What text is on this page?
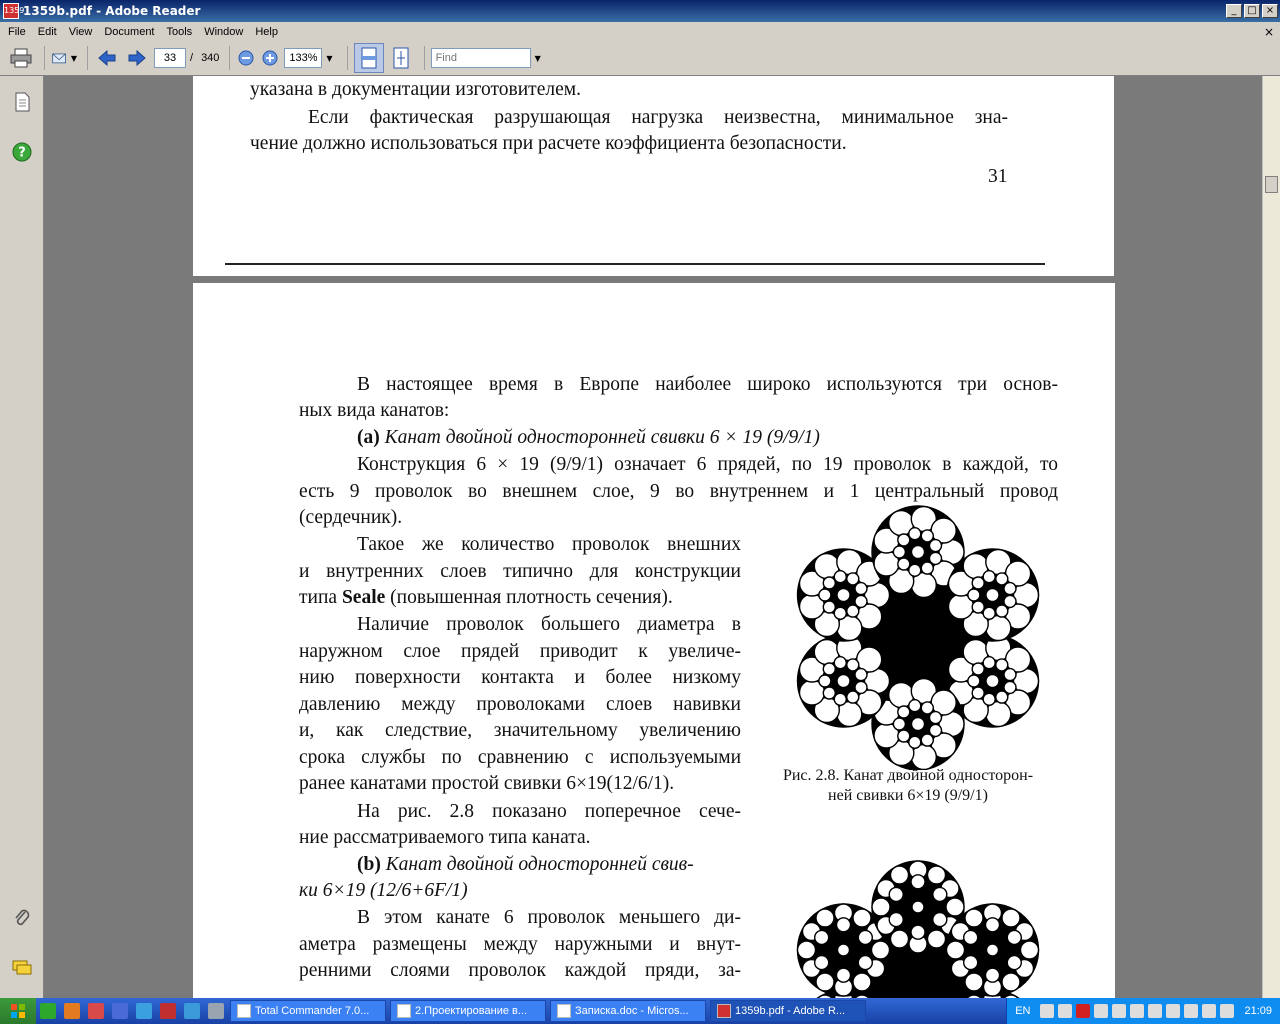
1359
1359b.pdf - Adobe Reader	_	□ ×
File	Edit	View	Document	Tools	Window	Help	×
▼
33	/ 340
133%	▼
Find	▼
?
указана в документации изготовителем.
Если фактическая разрушающая нагрузка неизвестна, минимальное зна-
чение должно использоваться при расчете коэффициента безопасности.
31
В настоящее время в Европе наиболее широко используются три основ-
ных вида канатов:
(а) Канат двойной односторонней свивки 6 × 19 (9/9/1)
Конструкция 6 × 19 (9/9/1) означает 6 прядей, по 19 проволок в каждой, то
есть 9 проволок во внешнем слое, 9 во внутреннем и 1 центральный провод
(сердечник).
Такое же количество проволок внешних
и внутренних слоев типично для конструкции
типа Seale (повышенная плотность сечения).
Наличие проволок большего диаметра в
наружном слое прядей приводит к увеличе-
нию поверхности контакта и более низкому
давлению между проволоками слоев навивки
и, как следствие, значительному увеличению
срока службы по сравнению с используемыми
ранее канатами простой свивки 6×19(12/6/1).
На рис. 2.8 показано поперечное сече-
ние рассматриваемого типа каната.
(b) Канат двойной односторонней свив-
ки 6×19 (12/6+6F/1)
В этом канате 6 проволок меньшего ди-
аметра размещены между наружными и внут-
ренними слоями проволок каждой пряди, за-
Рис. 2.8. Канат двойной односторон-
ней свивки 6×19 (9/9/1)
Total Commander 7.0...	2.Проектирование в...	Записка.doc - Micros...	1359b.pdf - Adobe R...	EN	21:09
